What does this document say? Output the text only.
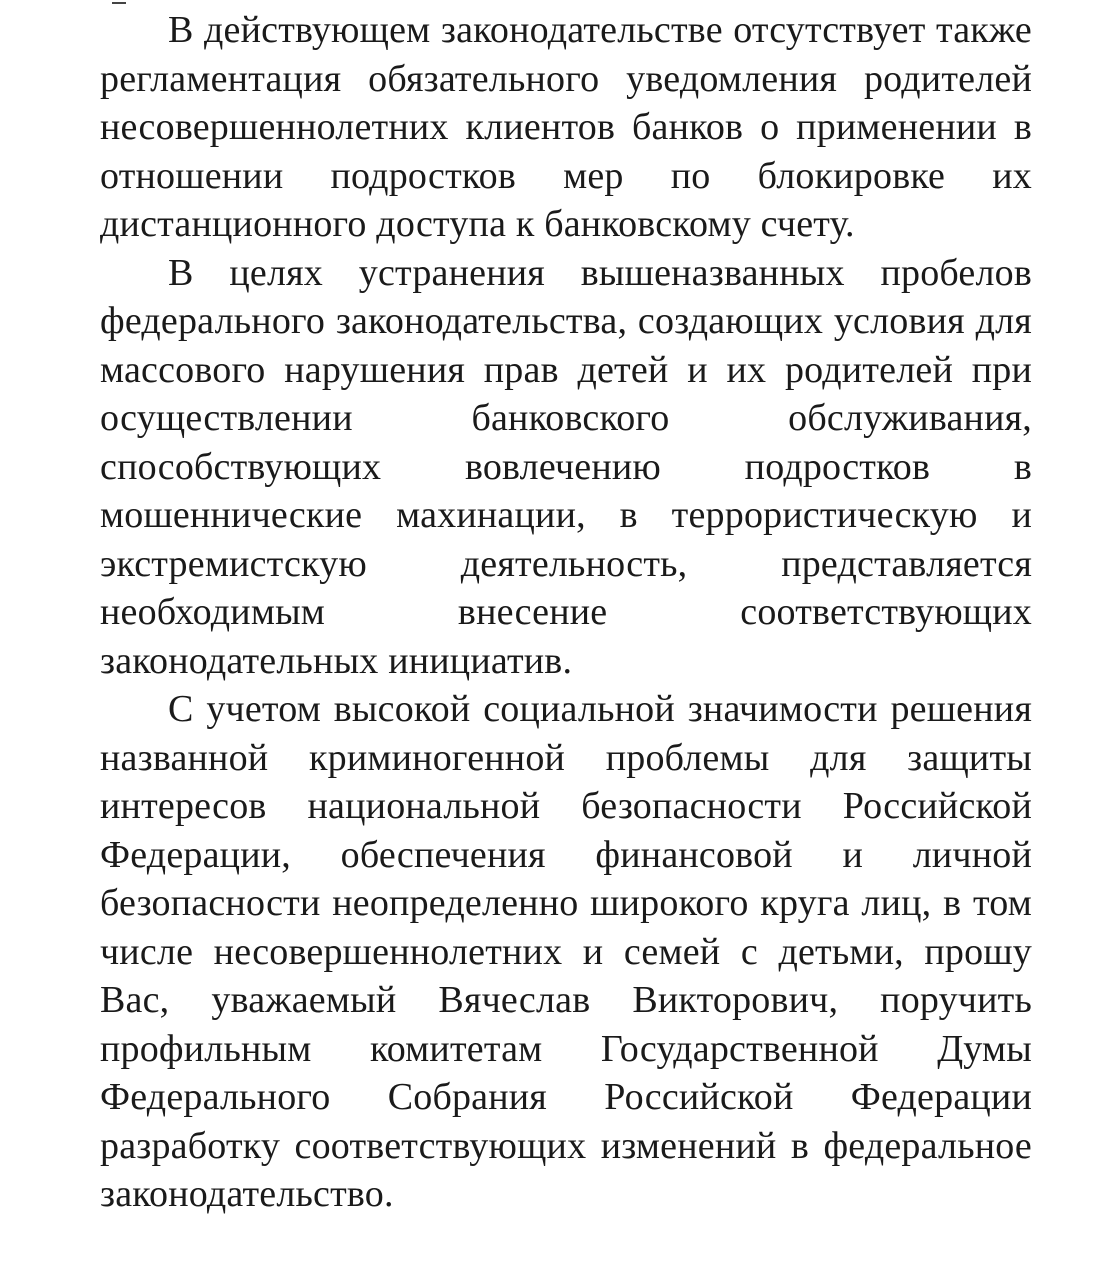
В действующем законодательстве отсутствует также регламентация обязательного уведомления родителей несовершеннолетних клиентов банков о применении в отношении подростков мер по блокировке их дистанционного доступа к банковскому счету.

В целях устранения вышеназванных пробелов федерального законодательства, создающих условия для массового нарушения прав детей и их родителей при осуществлении банковского обслуживания, способствующих вовлечению подростков в мошеннические махинации, в террористическую и экстремистскую деятельность, представляется необходимым внесение соответствующих законодательных инициатив.

С учетом высокой социальной значимости решения названной криминогенной проблемы для защиты интересов национальной безопасности Российской Федерации, обеспечения финансовой и личной безопасности неопределенно широкого круга лиц, в том числе несовершеннолетних и семей с детьми, прошу Вас, уважаемый Вячеслав Викторович, поручить профильным комитетам Государственной Думы Федерального Собрания Российской Федерации разработку соответствующих изменений в федеральное законодательство.
